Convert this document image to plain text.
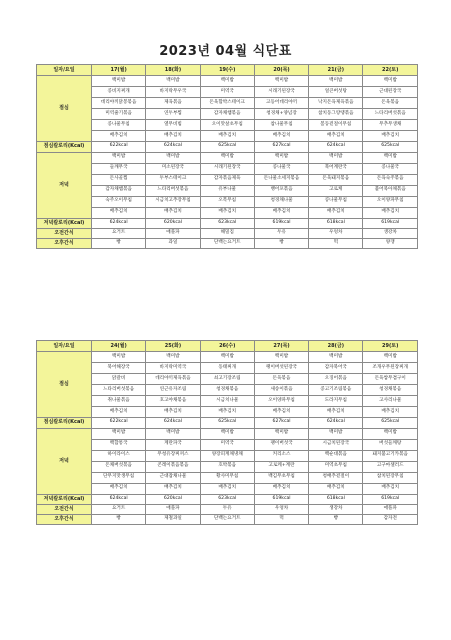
2023년 04월 식단표
일자/요일	17(월)	18(화)	19(수)	20(목)	21(금)	22(토)
점심	백미밥	백미밥	백미밥	백미밥	백미밥	백미밥
	콩비지찌개	바지락무우국	미역국	시래기된장국	얼큰버섯탕	근대된장국
	데리야끼닭봉볶음	제육볶음	돈육함박스테이크	고등어데리야끼	낙지돈육제육볶음	돈육볶음
	미역줄기볶음	연두부찜	감자채햄볶음	청경채+양념장	참치동그랑땡볶음	느타리버섯볶음
	콩나물무침	열무비빔	오이맛살초무침	참나물무침	봄동겉절이무침	무추무생채
	배추김치	배추김치	배추김치	배추김치	배추김치	배추김치
점심칼로리(Kcal)	622kcal	624kcal	625kcal	627kcal	624kcal	625kcal
저녁	백미밥	백미밥	백미밥	백미밥	백미밥	백미밥
	들깨무국	미소된장국	시래기된장국	콩나물국	북어계란국	콩나물국
	돈사골찜	두부스테이크	감자볶음제육	돈나물소세지볶음	돈육돼지볶음	돈육숙주볶음
	감자채햄볶음	느타리버섯볶음	유부나물	뱅어포볶음	고로케	불어묵아채볶음
	숙주오이무침	시금치고추장무침	오복무침	청경채나물	콩나물무침	오이양파무침
	배추김치	배추김치	배추김치	배추김치	배추김치	배추김치
저녁칼로리(Kcal)	624kcal	620kcal	623kcal	619kcal	618kcal	619kcal
오전간식	요거트	애플파	해밀짐	두유	우엉차	생강차
오후간식	빵	과일	단백는요거트	빵	떡	양갱
일자/요일	24(월)	25(화)	26(수)	27(목)	28(금)	29(토)
점심	백미밥	백미밥	백미밥	백미밥	백미밥	백미밥
	북어해장국	바지락미역국	동태찌개	팽이버섯된장국	감자북어국	조개우무된장찌개
	닭갈비	데리야끼제육볶음	쇠고기장조림	돈육볶음	오징어볶음	돈육쌈무겹구이
	느타리버섯볶음	연근유자조림	청경채볶음	새송이볶음	콩고기조림볶음	청경채볶음
	취나물볶음	호고야채볶음	시금치나물	오이양파무침	도라지무침	고사리나물
	배추김치	배추김치	배추김치	배추김치	배추김치	배추김치
점심칼로리(Kcal)	622kcal	624kcal	625kcal	627kcal	624kcal	625kcal
저녁	백미밥	백미밥	백미밥	백미밥	백미밥	백미밥
	백합통국	계란파국	미역국	팽이버섯국	시금치된장국	버섯들깨탕
	하이라이스	무청유장찌꺼스	양장피계채냉채	커리소스	백순대볶음	돼지불고기카볶음
	돈채버섯볶음	콘레이볶음볶음	호박볶음	고로케+계란	미역초무침	고구마샐러드
	단무지맛생무침	근대잡채나물	황사미무침	백김무초무침	청배추겉절이	참치된장무침
	배추김치	배추김치	배추김치	배추김치	배추김치	배추김치
저녁칼로리(Kcal)	624kcal	620kcal	623kcal	619kcal	618kcal	619kcal
오전간식	요거트	애플파	두유	우엉차	생강차	애플파
오후간식	빵	제철과일	단백는요거트	떡	빵	감자전
